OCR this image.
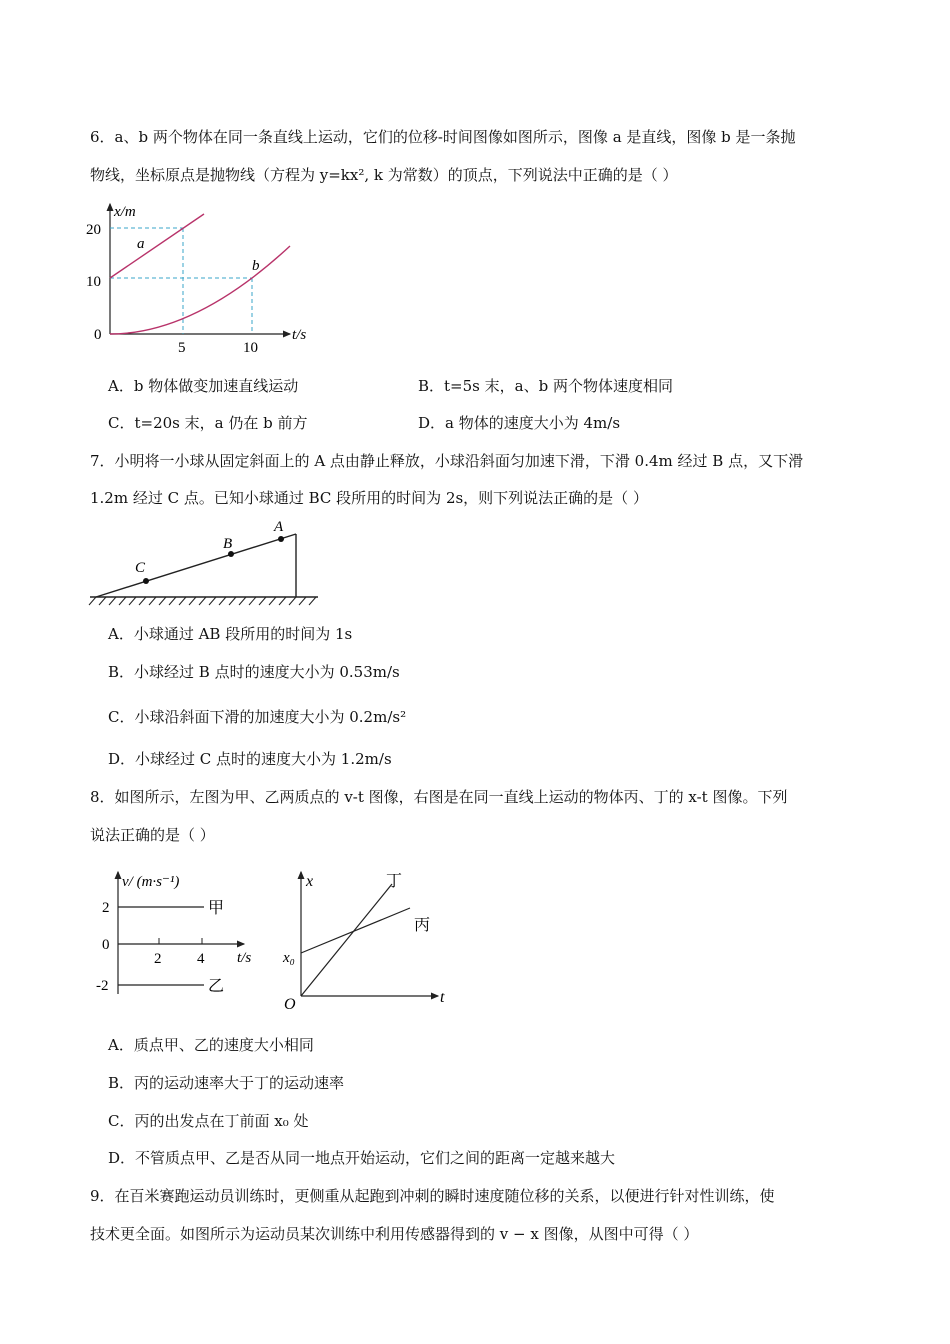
6．a、b 两个物体在同一条直线上运动，它们的位移-时间图像如图所示，图像 a 是直线，图像 b 是一条抛
物线，坐标原点是抛物线（方程为 y=kx², k 为常数）的顶点，下列说法中正确的是（ ）
x/m
t/s
20
10
0
5	10
a
b
A．b 物体做变加速直线运动	B．t=5s 末，a、b 两个物体速度相同
C．t=20s 末，a 仍在 b 前方	D．a 物体的速度大小为 4m/s
7．小明将一小球从固定斜面上的 A 点由静止释放，小球沿斜面匀加速下滑，下滑 0.4m 经过 B 点，又下滑
1.2m 经过 C 点。已知小球通过 BC 段所用的时间为 2s，则下列说法正确的是（ ）
A
B
C
A．小球通过 AB 段所用的时间为 1s
B．小球经过 B 点时的速度大小为 0.53m/s
C．小球沿斜面下滑的加速度大小为 0.2m/s²
D．小球经过 C 点时的速度大小为 1.2m/s
8．如图所示，左图为甲、乙两质点的 v-t 图像，右图是在同一直线上运动的物体丙、丁的 x-t 图像。下列
说法正确的是（ ）
v/ (m·s⁻¹)
t/s
2
0
-2
2 4
甲
乙
x
t
O
x₀
丁
丙
A．质点甲、乙的速度大小相同
B．丙的运动速率大于丁的运动速率
C．丙的出发点在丁前面 x₀ 处
D．不管质点甲、乙是否从同一地点开始运动，它们之间的距离一定越来越大
9．在百米赛跑运动员训练时，更侧重从起跑到冲刺的瞬时速度随位移的关系，以便进行针对性训练，使
技术更全面。如图所示为运动员某次训练中利用传感器得到的 v − x 图像，从图中可得（ ）
